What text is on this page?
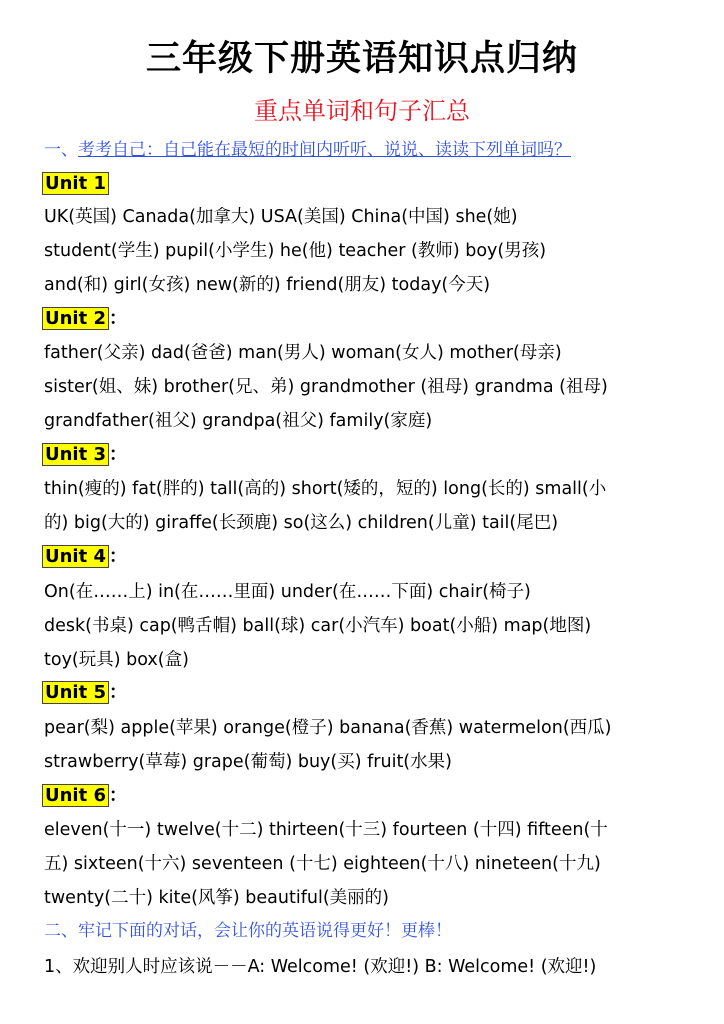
三年级下册英语知识点归纳
重点单词和句子汇总
一、考考自己：自己能在最短的时间内听听、说说、读读下列单词吗？
Unit 1
UK(英国) Canada(加拿大) USA(美国) China(中国) she(她)
student(学生) pupil(小学生) he(他) teacher (教师) boy(男孩)
and(和) girl(女孩) new(新的) friend(朋友) today(今天)
Unit 2 ：
father(父亲) dad(爸爸) man(男人) woman(女人) mother(母亲)
sister(姐、妹) brother(兄、弟) grandmother (祖母) grandma (祖母)
grandfather(祖父) grandpa(祖父) family(家庭)
Unit 3 ：
thin(瘦的) fat(胖的) tall(高的) short(矮的，短的) long(长的) small(小
的) big(大的) giraffe(长颈鹿) so(这么) children(儿童) tail(尾巴)
Unit 4 ：
On(在……上) in(在……里面) under(在……下面) chair(椅子)
desk(书桌) cap(鸭舌帽) ball(球) car(小汽车) boat(小船) map(地图)
toy(玩具) box(盒)
Unit 5 ：
pear(梨) apple(苹果) orange(橙子) banana(香蕉) watermelon(西瓜)
strawberry(草莓) grape(葡萄) buy(买) fruit(水果)
Unit 6 ：
eleven(十一) twelve(十二) thirteen(十三) fourteen (十四) fifteen(十
五) sixteen(十六) seventeen (十七) eighteen(十八) nineteen(十九)
twenty(二十) kite(风筝) beautiful(美丽的)
二、牢记下面的对话，会让你的英语说得更好！更棒！
1、欢迎别人时应该说－－A: Welcome! (欢迎!) B: Welcome! (欢迎!)
